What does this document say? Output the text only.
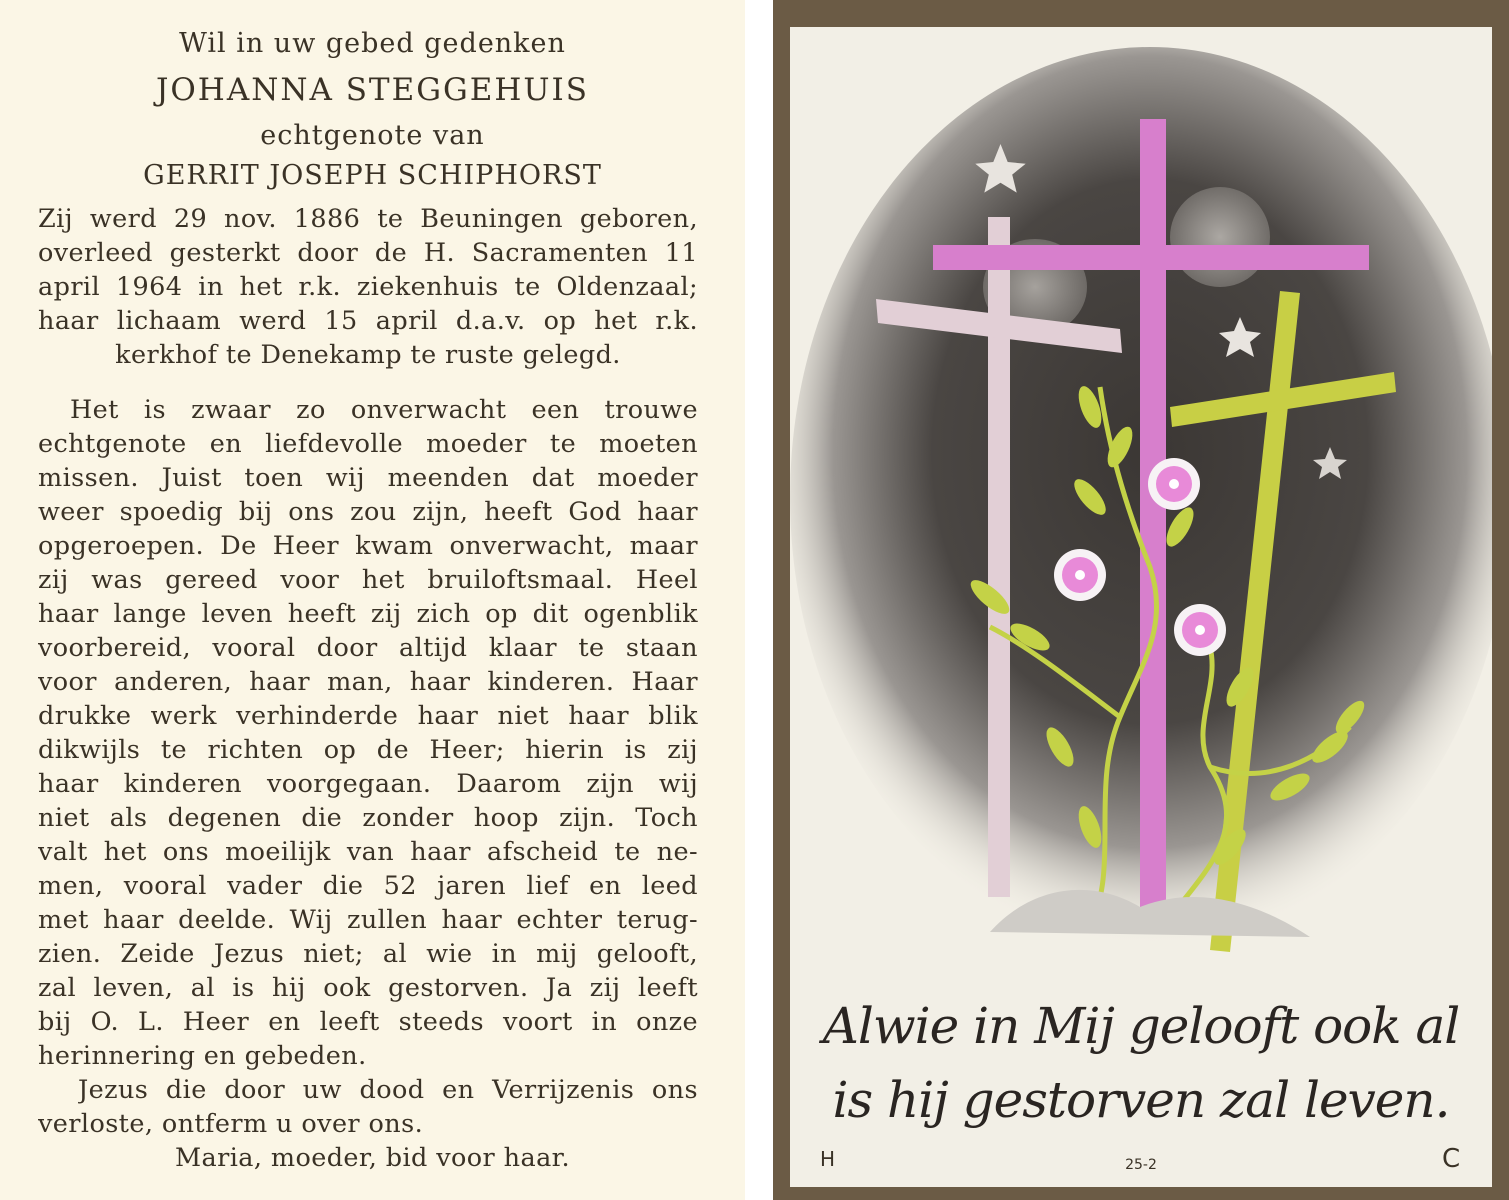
Wil in uw gebed gedenken
JOHANNA STEGGEHUIS
echtgenote van
GERRIT JOSEPH SCHIPHORST
Zij werd 29 nov. 1886 te Beuningen geboren,
overleed gesterkt door de H. Sacramenten 11
april 1964 in het r.k. ziekenhuis te Oldenzaal;
haar lichaam werd 15 april d.a.v. op het r.k.
kerkhof te Denekamp te ruste gelegd.
Het is zwaar zo onverwacht een trouwe
echtgenote en liefdevolle moeder te moeten
missen. Juist toen wij meenden dat moeder
weer spoedig bij ons zou zijn, heeft God haar
opgeroepen. De Heer kwam onverwacht, maar
zij was gereed voor het bruiloftsmaal. Heel
haar lange leven heeft zij zich op dit ogenblik
voorbereid, vooral door altijd klaar te staan
voor anderen, haar man, haar kinderen. Haar
drukke werk verhinderde haar niet haar blik
dikwijls te richten op de Heer; hierin is zij
haar kinderen voorgegaan. Daarom zijn wij
niet als degenen die zonder hoop zijn. Toch
valt het ons moeilijk van haar afscheid te ne-
men, vooral vader die 52 jaren lief en leed
met haar deelde. Wij zullen haar echter terug-
zien. Zeide Jezus niet; al wie in mij gelooft,
zal leven, al is hij ook gestorven. Ja zij leeft
bij O. L. Heer en leeft steeds voort in onze
herinnering en gebeden.
Jezus die door uw dood en Verrijzenis ons
verloste, ontferm u over ons.
Maria, moeder, bid voor haar.
Alwie in Mij gelooft ook al
is hij gestorven zal leven.
H	25-2	C
